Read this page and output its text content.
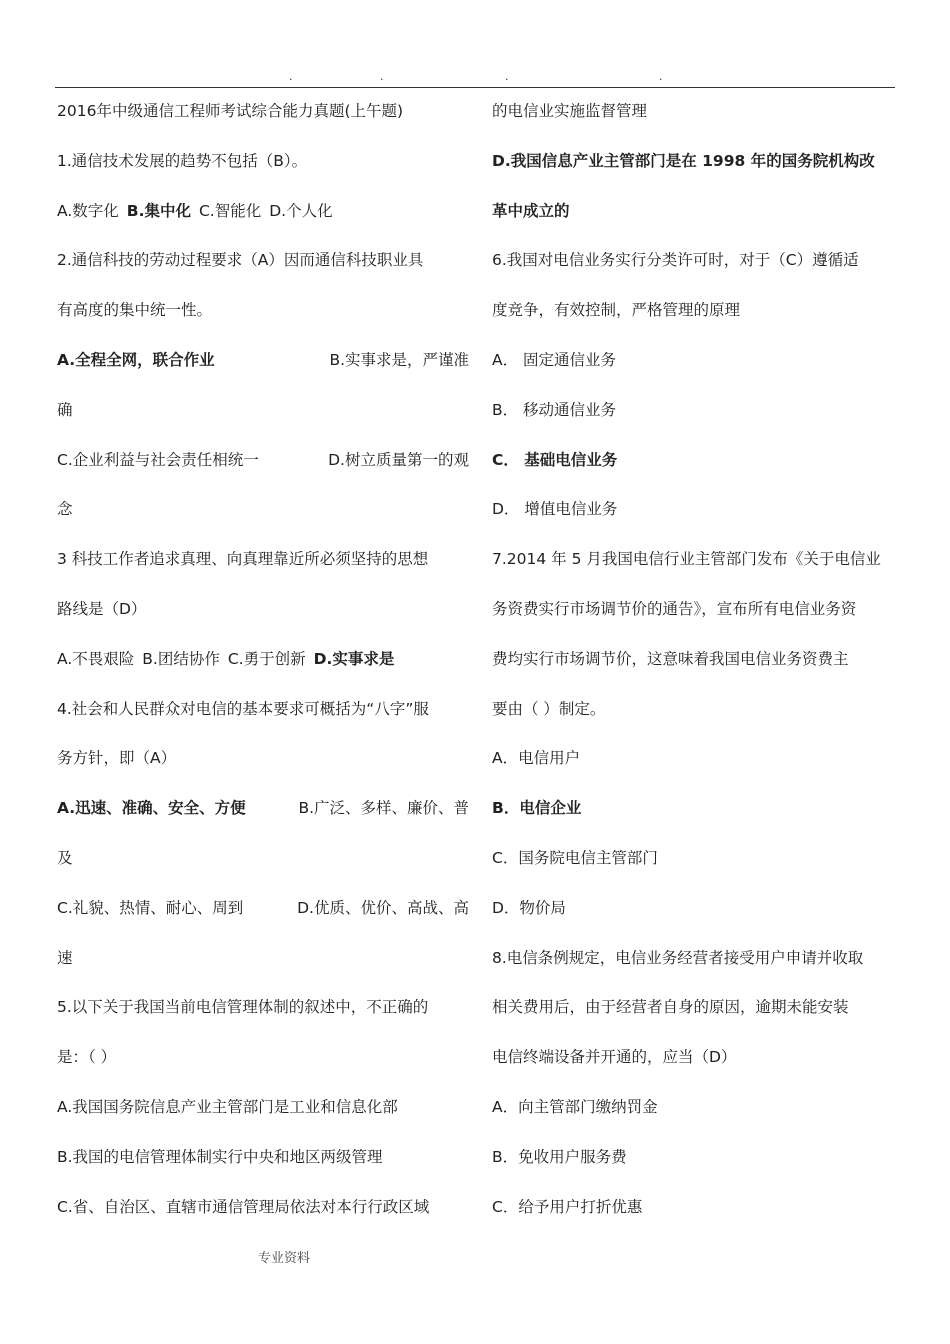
.	.	.	.
2016年中级通信工程师考试综合能力真题(上午题)
1.通信技术发展的趋势不包括（B）。
A.数字化 B.集中化 C.智能化 D.个人化
2.通信科技的劳动过程要求（A）因而通信科技职业具
有高度的集中统一性。
A.全程全网，联合作业	B.实事求是，严谨准
确
C.企业利益与社会责任相统一	D.树立质量第一的观
念
3 科技工作者追求真理、向真理靠近所必须坚持的思想
路线是（D）
A.不畏艰险 B.团结协作 C.勇于创新 D.实事求是
4.社会和人民群众对电信的基本要求可概括为“八字”服
务方针，即（A）
A.迅速、准确、安全、方便	B.广泛、多样、廉价、普
及
C.礼貌、热情、耐心、周到	D.优质、优价、高战、高
速
5.以下关于我国当前电信管理体制的叙述中，不正确的
是：（ ）
A.我国国务院信息产业主管部门是工业和信息化部
B.我国的电信管理体制实行中央和地区两级管理
C.省、自治区、直辖市通信管理局依法对本行行政区域
的电信业实施监督管理
D.我国信息产业主管部门是在 1998 年的国务院机构改
革中成立的
6.我国对电信业务实行分类许可时，对于（C）遵循适
度竞争，有效控制，严格管理的原理
A． 固定通信业务
B． 移动通信业务
C． 基础电信业务
D． 增值电信业务
7.2014 年 5 月我国电信行业主管部门发布《关于电信业
务资费实行市场调节价的通告》，宣布所有电信业务资
费均实行市场调节价，这意味着我国电信业务资费主
要由（ ）制定。
A．电信用户
B．电信企业
C．国务院电信主管部门
D．物价局
8.电信条例规定，电信业务经营者接受用户申请并收取
相关费用后，由于经营者自身的原因，逾期未能安装
电信终端设备并开通的，应当（D）
A．向主管部门缴纳罚金
B．免收用户服务费
C．给予用户打折优惠
专业资料
